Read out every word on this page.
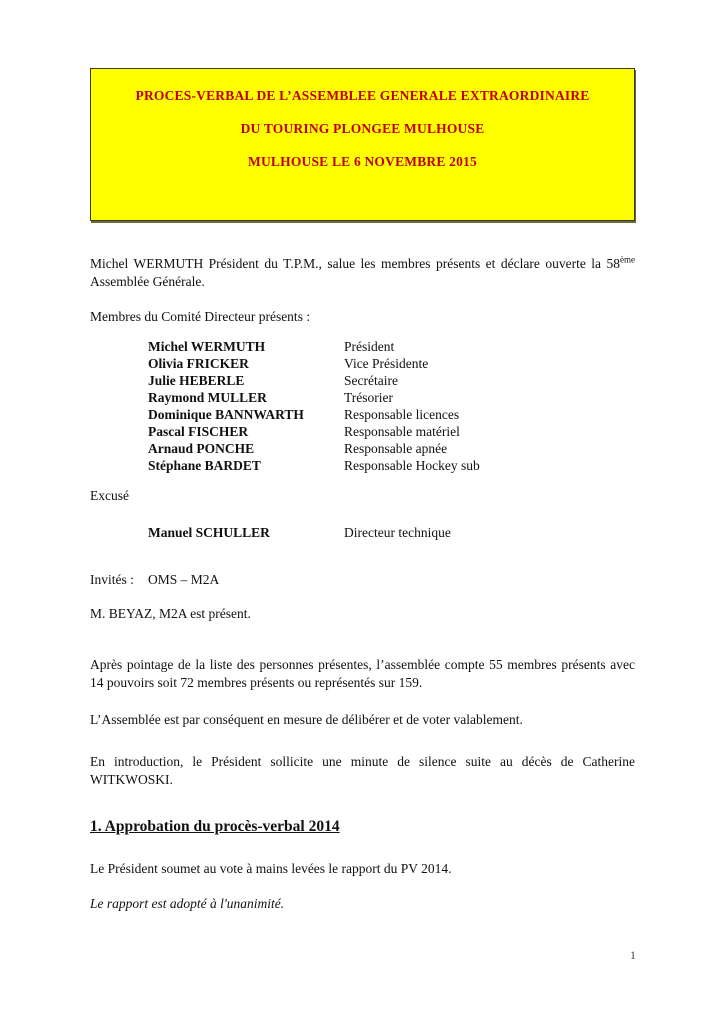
PROCES-VERBAL DE L’ASSEMBLEE GENERALE EXTRAORDINAIRE

DU TOURING PLONGEE MULHOUSE

MULHOUSE LE 6 NOVEMBRE 2015

Michel WERMUTH Président du T.P.M., salue les membres présents et déclare ouverte la 58ème Assemblée Générale.

Membres du Comité Directeur présents :

Michel WERMUTH	Président
Olivia FRICKER	Vice Présidente
Julie HEBERLE	Secrétaire
Raymond MULLER	Trésorier
Dominique BANNWARTH	Responsable licences
Pascal FISCHER	Responsable matériel
Arnaud PONCHE	Responsable apnée
Stéphane BARDET	Responsable Hockey sub

Excusé

Manuel SCHULLER	Directeur technique
Invités :	OMS – M2A

M. BEYAZ, M2A est présent.

Après pointage de la liste des personnes présentes, l’assemblée compte 55 membres présents avec 14 pouvoirs soit 72 membres présents ou représentés sur 159.

L’Assemblée est par conséquent en mesure de délibérer et de voter valablement.

En introduction, le Président sollicite une minute de silence suite au décès de Catherine WITKWOSKI.

1. Approbation du procès-verbal 2014

Le Président soumet au vote à mains levées le rapport du PV 2014.

Le rapport est adopté à l'unanimité.

1
